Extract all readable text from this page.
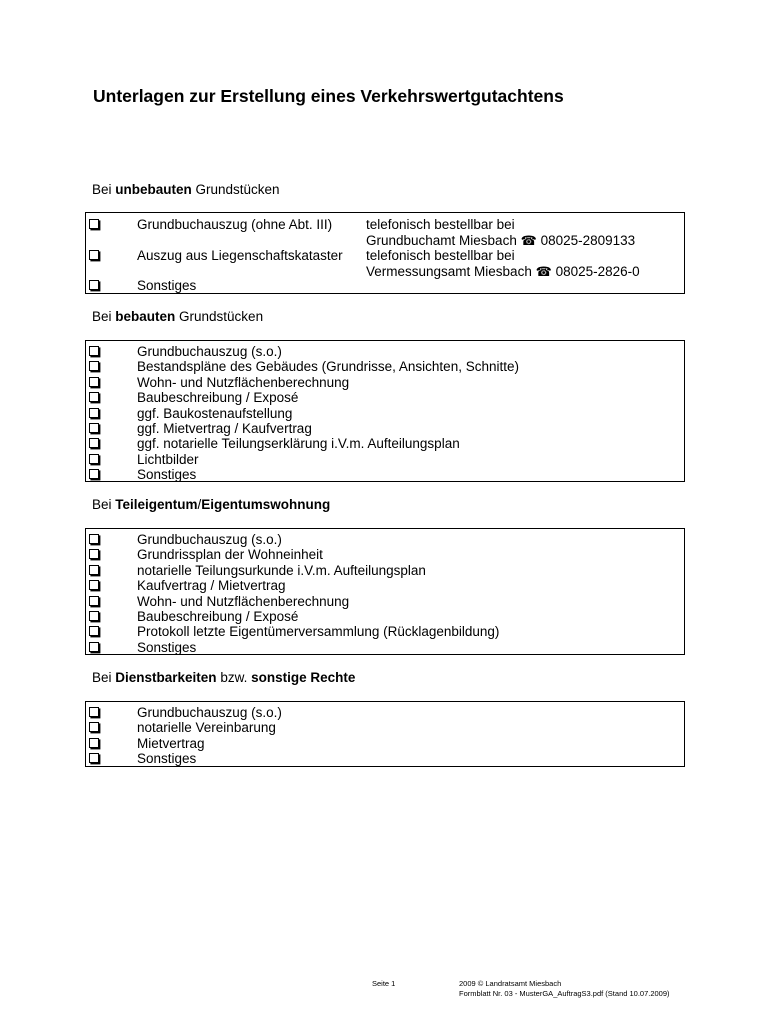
Unterlagen zur Erstellung eines Verkehrswertgutachtens
Bei unbebauten Grundstücken
Grundbuchauszug (ohne Abt. III)
Auszug aus Liegenschaftskataster
Sonstiges
telefonisch bestellbar bei
Grundbuchamt Miesbach ☎ 08025-2809133
telefonisch bestellbar bei
Vermessungsamt Miesbach ☎ 08025-2826-0
Bei bebauten Grundstücken
Grundbuchauszug (s.o.)
Bestandspläne des Gebäudes (Grundrisse, Ansichten, Schnitte)
Wohn- und Nutzflächenberechnung
Baubeschreibung / Exposé
ggf. Baukostenaufstellung
ggf. Mietvertrag / Kaufvertrag
ggf. notarielle Teilungserklärung i.V.m. Aufteilungsplan
Lichtbilder
Sonstiges
Bei Teileigentum/Eigentumswohnung
Grundbuchauszug (s.o.)
Grundrissplan der Wohneinheit
notarielle Teilungsurkunde i.V.m. Aufteilungsplan
Kaufvertrag / Mietvertrag
Wohn- und Nutzflächenberechnung
Baubeschreibung / Exposé
Protokoll letzte Eigentümerversammlung (Rücklagenbildung)
Sonstiges
Bei Dienstbarkeiten bzw. sonstige Rechte
Grundbuchauszug (s.o.)
notarielle Vereinbarung
Mietvertrag
Sonstiges
Seite 1	2009 © Landratsamt Miesbach
Formblatt Nr. 03 - MusterGA_AuftragS3.pdf (Stand 10.07.2009)
